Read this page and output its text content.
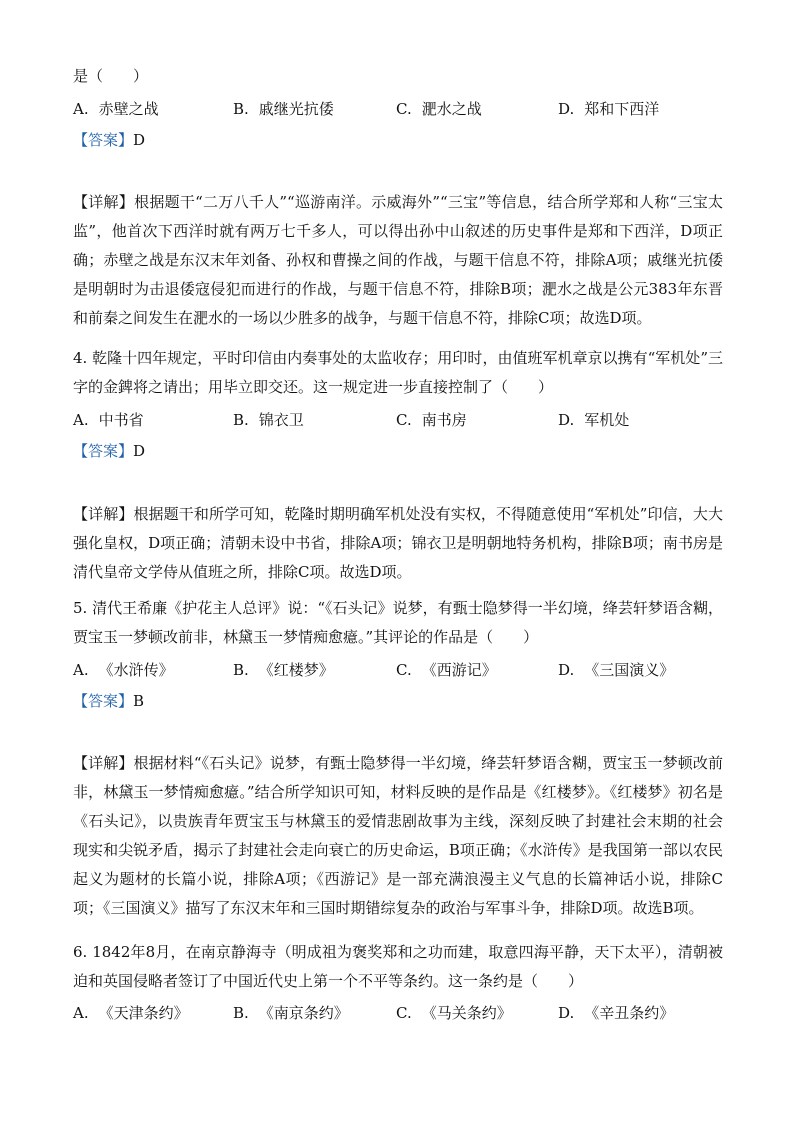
是（　　）
A. 赤壁之战	B. 戚继光抗倭	C. 淝水之战	D. 郑和下西洋
【答案】D
【详解】根据题干“二万八千人”“巡游南洋。示威海外”“三宝”等信息，结合所学郑和人称“三宝太监”，他首次下西洋时就有两万七千多人，可以得出孙中山叙述的历史事件是郑和下西洋，D项正确；赤壁之战是东汉末年刘备、孙权和曹操之间的作战，与题干信息不符，排除A项；戚继光抗倭是明朝时为击退倭寇侵犯而进行的作战，与题干信息不符，排除B项；淝水之战是公元383年东晋和前秦之间发生在淝水的一场以少胜多的战争，与题干信息不符，排除C项；故选D项。
4. 乾隆十四年规定，平时印信由内奏事处的太监收存；用印时，由值班军机章京以携有“军机处”三字的金錍将之请出；用毕立即交还。这一规定进一步直接控制了（　　）
A. 中书省	B. 锦衣卫	C. 南书房	D. 军机处
【答案】D
【详解】根据题干和所学可知，乾隆时期明确军机处没有实权，不得随意使用“军机处”印信，大大强化皇权，D项正确；清朝未设中书省，排除A项；锦衣卫是明朝地特务机构，排除B项；南书房是清代皇帝文学侍从值班之所，排除C项。故选D项。
5. 清代王希廉《护花主人总评》说：“《石头记》说梦，有甄士隐梦得一半幻境，绛芸轩梦语含糊，贾宝玉一梦顿改前非，林黛玉一梦情痴愈癔。”其评论的作品是（　　）
A. 《水浒传》	B. 《红楼梦》	C. 《西游记》	D. 《三国演义》
【答案】B
【详解】根据材料“《石头记》说梦，有甄士隐梦得一半幻境，绛芸轩梦语含糊，贾宝玉一梦顿改前非，林黛玉一梦情痴愈癔。”结合所学知识可知，材料反映的是作品是《红楼梦》。《红楼梦》初名是《石头记》，以贵族青年贾宝玉与林黛玉的爱情悲剧故事为主线，深刻反映了封建社会末期的社会现实和尖锐矛盾，揭示了封建社会走向衰亡的历史命运，B项正确；《水浒传》是我国第一部以农民起义为题材的长篇小说，排除A项；《西游记》是一部充满浪漫主义气息的长篇神话小说，排除C项；《三国演义》描写了东汉末年和三国时期错综复杂的政治与军事斗争，排除D项。故选B项。
6. 1842年8月，在南京静海寺（明成祖为褒奖郑和之功而建，取意四海平静，天下太平），清朝被迫和英国侵略者签订了中国近代史上第一个不平等条约。这一条约是（　　）
A. 《天津条约》	B. 《南京条约》	C. 《马关条约》	D. 《辛丑条约》
